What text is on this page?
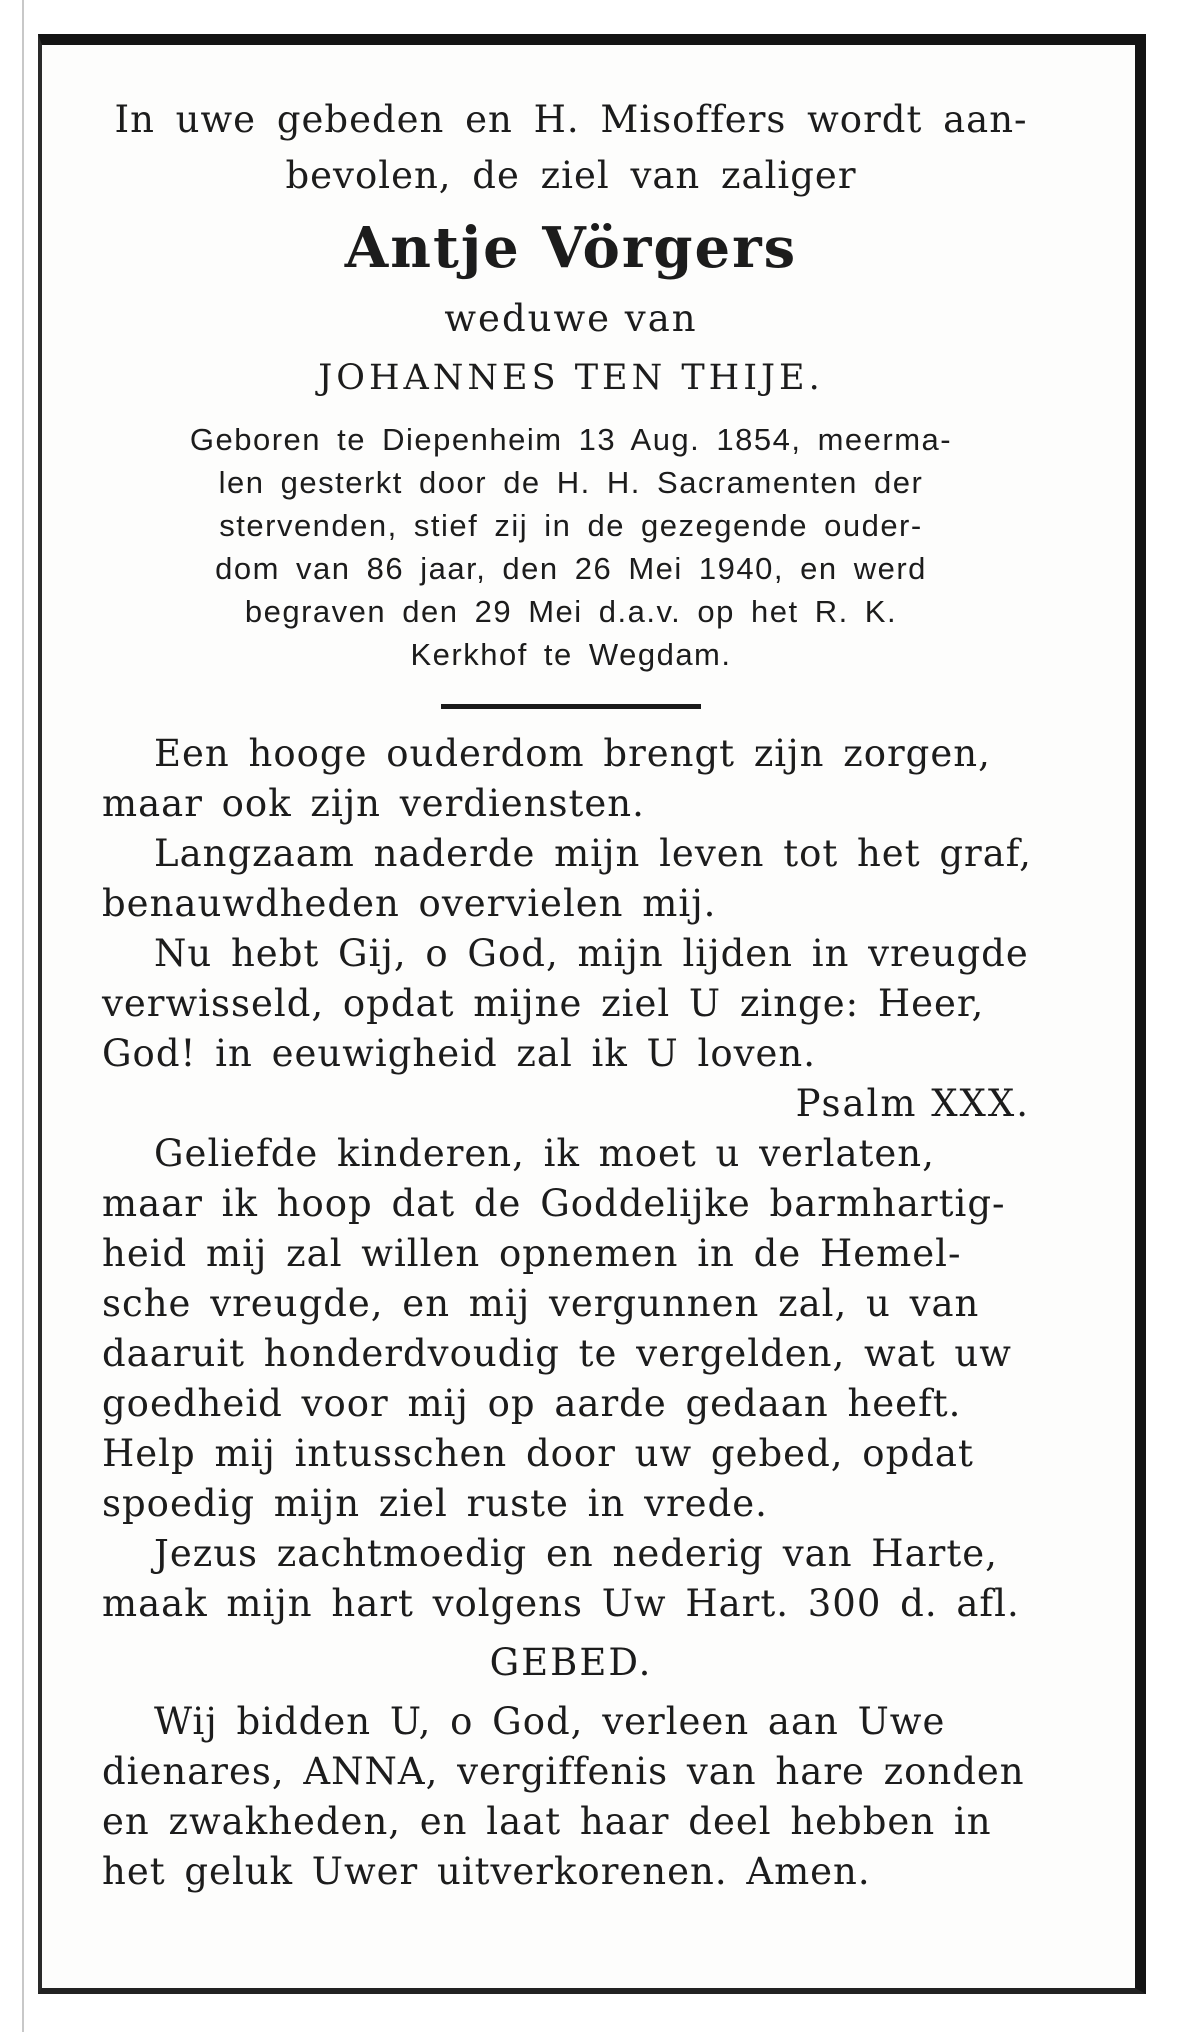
In uwe gebeden en H. Misoffers wordt aan-
bevolen, de ziel van zaliger
Antje Vörgers
weduwe van
JOHANNES TEN THIJE.
Geboren te Diepenheim 13 Aug. 1854, meerma-
len gesterkt door de H. H. Sacramenten der
stervenden, stief zij in de gezegende ouder-
dom van 86 jaar, den 26 Mei 1940, en werd
begraven den 29 Mei d.a.v. op het R. K.
Kerkhof te Wegdam.
Een hooge ouderdom brengt zijn zorgen,
maar ook zijn verdiensten.
Langzaam naderde mijn leven tot het graf,
benauwdheden overvielen mij.
Nu hebt Gij, o God, mijn lijden in vreugde
verwisseld, opdat mijne ziel U zinge: Heer,
God! in eeuwigheid zal ik U loven.
Psalm XXX.
Geliefde kinderen, ik moet u verlaten,
maar ik hoop dat de Goddelijke barmhartig-
heid mij zal willen opnemen in de Hemel-
sche vreugde, en mij vergunnen zal, u van
daaruit honderdvoudig te vergelden, wat uw
goedheid voor mij op aarde gedaan heeft.
Help mij intusschen door uw gebed, opdat
spoedig mijn ziel ruste in vrede.
Jezus zachtmoedig en nederig van Harte,
maak mijn hart volgens Uw Hart. 300 d. afl.
GEBED.
Wij bidden U, o God, verleen aan Uwe
dienares, ANNA, vergiffenis van hare zonden
en zwakheden, en laat haar deel hebben in
het geluk Uwer uitverkorenen. Amen.
